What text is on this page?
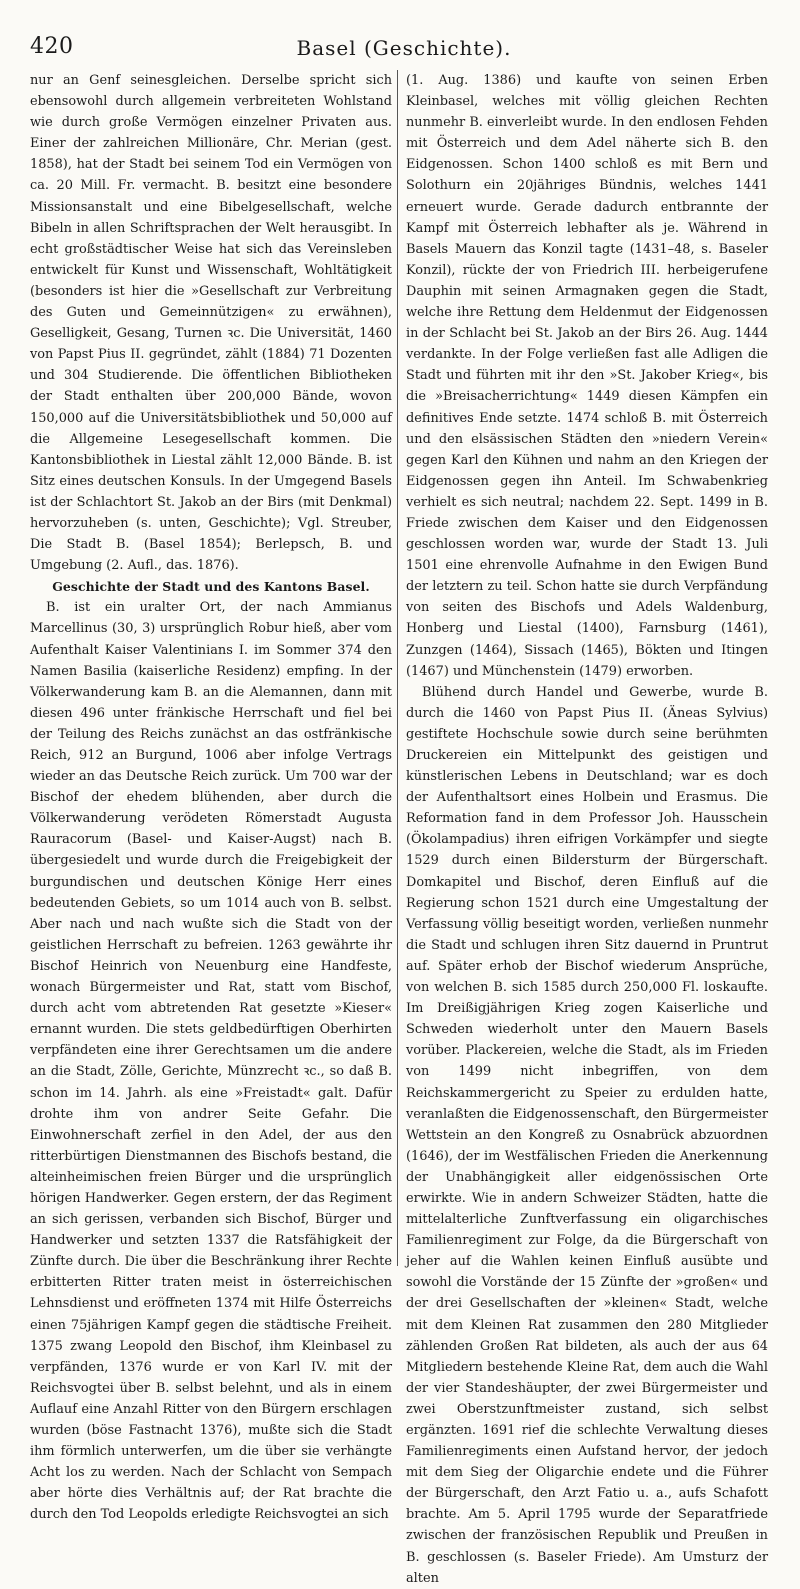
420	Basel (Geschichte).

nur an Genf seinesgleichen. Derselbe spricht sich ebensowohl durch allgemein verbreiteten Wohlstand wie durch große Vermögen einzelner Privaten aus. Einer der zahlreichen Millionäre, Chr. Merian (gest. 1858), hat der Stadt bei seinem Tod ein Vermögen von ca. 20 Mill. Fr. vermacht. B. besitzt eine besondere Missionsanstalt und eine Bibelgesellschaft, welche Bibeln in allen Schriftsprachen der Welt herausgibt. In echt großstädtischer Weise hat sich das Vereinsleben entwickelt für Kunst und Wissenschaft, Wohltätigkeit (besonders ist hier die »Gesellschaft zur Verbreitung des Guten und Gemeinnützigen« zu erwähnen), Geselligkeit, Gesang, Turnen ꝛc. Die Universität, 1460 von Papst Pius II. gegründet, zählt (1884) 71 Dozenten und 304 Studierende. Die öffentlichen Bibliotheken der Stadt enthalten über 200,000 Bände, wovon 150,000 auf die Universitätsbibliothek und 50,000 auf die Allgemeine Lesegesellschaft kommen. Die Kantonsbibliothek in Liestal zählt 12,000 Bände. B. ist Sitz eines deutschen Konsuls. In der Umgegend Basels ist der Schlachtort St. Jakob an der Birs (mit Denkmal) hervorzuheben (s. unten, Geschichte); Vgl. Streuber, Die Stadt B. (Basel 1854); Berlepsch, B. und Umgebung (2. Aufl., das. 1876).

Geschichte der Stadt und des Kantons Basel.

B. ist ein uralter Ort, der nach Ammianus Marcellinus (30, 3) ursprünglich Robur hieß, aber vom Aufenthalt Kaiser Valentinians I. im Sommer 374 den Namen Basilia (kaiserliche Residenz) empfing. In der Völkerwanderung kam B. an die Alemannen, dann mit diesen 496 unter fränkische Herrschaft und fiel bei der Teilung des Reichs zunächst an das ostfränkische Reich, 912 an Burgund, 1006 aber infolge Vertrags wieder an das Deutsche Reich zurück. Um 700 war der Bischof der ehedem blühenden, aber durch die Völkerwanderung verödeten Römerstadt Augusta Rauracorum (Basel- und Kaiser-Augst) nach B. übergesiedelt und wurde durch die Freigebigkeit der burgundischen und deutschen Könige Herr eines bedeutenden Gebiets, so um 1014 auch von B. selbst. Aber nach und nach wußte sich die Stadt von der geistlichen Herrschaft zu befreien. 1263 gewährte ihr Bischof Heinrich von Neuenburg eine Handfeste, wonach Bürgermeister und Rat, statt vom Bischof, durch acht vom abtretenden Rat gesetzte »Kieser« ernannt wurden. Die stets geldbedürftigen Oberhirten verpfändeten eine ihrer Gerechtsamen um die andere an die Stadt, Zölle, Gerichte, Münzrecht ꝛc., so daß B. schon im 14. Jahrh. als eine »Freistadt« galt. Dafür drohte ihm von andrer Seite Gefahr. Die Einwohnerschaft zerfiel in den Adel, der aus den ritterbürtigen Dienstmannen des Bischofs bestand, die alteinheimischen freien Bürger und die ursprünglich hörigen Handwerker. Gegen erstern, der das Regiment an sich gerissen, verbanden sich Bischof, Bürger und Handwerker und setzten 1337 die Ratsfähigkeit der Zünfte durch. Die über die Beschränkung ihrer Rechte erbitterten Ritter traten meist in österreichischen Lehnsdienst und eröffneten 1374 mit Hilfe Österreichs einen 75jährigen Kampf gegen die städtische Freiheit. 1375 zwang Leopold den Bischof, ihm Kleinbasel zu verpfänden, 1376 wurde er von Karl IV. mit der Reichsvogtei über B. selbst belehnt, und als in einem Auflauf eine Anzahl Ritter von den Bürgern erschlagen wurden (böse Fastnacht 1376), mußte sich die Stadt ihm förmlich unterwerfen, um die über sie verhängte Acht los zu werden. Nach der Schlacht von Sempach aber hörte dies Verhältnis auf; der Rat brachte die durch den Tod Leopolds erledigte Reichsvogtei an sich

(1. Aug. 1386) und kaufte von seinen Erben Kleinbasel, welches mit völlig gleichen Rechten nunmehr B. einverleibt wurde. In den endlosen Fehden mit Österreich und dem Adel näherte sich B. den Eidgenossen. Schon 1400 schloß es mit Bern und Solothurn ein 20jähriges Bündnis, welches 1441 erneuert wurde. Gerade dadurch entbrannte der Kampf mit Österreich lebhafter als je. Während in Basels Mauern das Konzil tagte (1431–48, s. Baseler Konzil), rückte der von Friedrich III. herbeigerufene Dauphin mit seinen Armagnaken gegen die Stadt, welche ihre Rettung dem Heldenmut der Eidgenossen in der Schlacht bei St. Jakob an der Birs 26. Aug. 1444 verdankte. In der Folge verließen fast alle Adligen die Stadt und führten mit ihr den »St. Jakober Krieg«, bis die »Breisacherrichtung« 1449 diesen Kämpfen ein definitives Ende setzte. 1474 schloß B. mit Österreich und den elsässischen Städten den »niedern Verein« gegen Karl den Kühnen und nahm an den Kriegen der Eidgenossen gegen ihn Anteil. Im Schwabenkrieg verhielt es sich neutral; nachdem 22. Sept. 1499 in B. Friede zwischen dem Kaiser und den Eidgenossen geschlossen worden war, wurde der Stadt 13. Juli 1501 eine ehrenvolle Aufnahme in den Ewigen Bund der letztern zu teil. Schon hatte sie durch Verpfändung von seiten des Bischofs und Adels Waldenburg, Honberg und Liestal (1400), Farnsburg (1461), Zunzgen (1464), Sissach (1465), Bökten und Itingen (1467) und Münchenstein (1479) erworben.

Blühend durch Handel und Gewerbe, wurde B. durch die 1460 von Papst Pius II. (Äneas Sylvius) gestiftete Hochschule sowie durch seine berühmten Druckereien ein Mittelpunkt des geistigen und künstlerischen Lebens in Deutschland; war es doch der Aufenthaltsort eines Holbein und Erasmus. Die Reformation fand in dem Professor Joh. Hausschein (Ökolampadius) ihren eifrigen Vorkämpfer und siegte 1529 durch einen Bildersturm der Bürgerschaft. Domkapitel und Bischof, deren Einfluß auf die Regierung schon 1521 durch eine Umgestaltung der Verfassung völlig beseitigt worden, verließen nunmehr die Stadt und schlugen ihren Sitz dauernd in Pruntrut auf. Später erhob der Bischof wiederum Ansprüche, von welchen B. sich 1585 durch 250,000 Fl. loskaufte. Im Dreißigjährigen Krieg zogen Kaiserliche und Schweden wiederholt unter den Mauern Basels vorüber. Plackereien, welche die Stadt, als im Frieden von 1499 nicht inbegriffen, von dem Reichskammergericht zu Speier zu erdulden hatte, veranlaßten die Eidgenossenschaft, den Bürgermeister Wettstein an den Kongreß zu Osnabrück abzuordnen (1646), der im Westfälischen Frieden die Anerkennung der Unabhängigkeit aller eidgenössischen Orte erwirkte. Wie in andern Schweizer Städten, hatte die mittelalterliche Zunftverfassung ein oligarchisches Familienregiment zur Folge, da die Bürgerschaft von jeher auf die Wahlen keinen Einfluß ausübte und sowohl die Vorstände der 15 Zünfte der »großen« und der drei Gesellschaften der »kleinen« Stadt, welche mit dem Kleinen Rat zusammen den 280 Mitglieder zählenden Großen Rat bildeten, als auch der aus 64 Mitgliedern bestehende Kleine Rat, dem auch die Wahl der vier Standeshäupter, der zwei Bürgermeister und zwei Oberstzunftmeister zustand, sich selbst ergänzten. 1691 rief die schlechte Verwaltung dieses Familienregiments einen Aufstand hervor, der jedoch mit dem Sieg der Oligarchie endete und die Führer der Bürgerschaft, den Arzt Fatio u. a., aufs Schafott brachte. Am 5. April 1795 wurde der Separatfriede zwischen der französischen Republik und Preußen in B. geschlossen (s. Baseler Friede). Am Umsturz der alten
